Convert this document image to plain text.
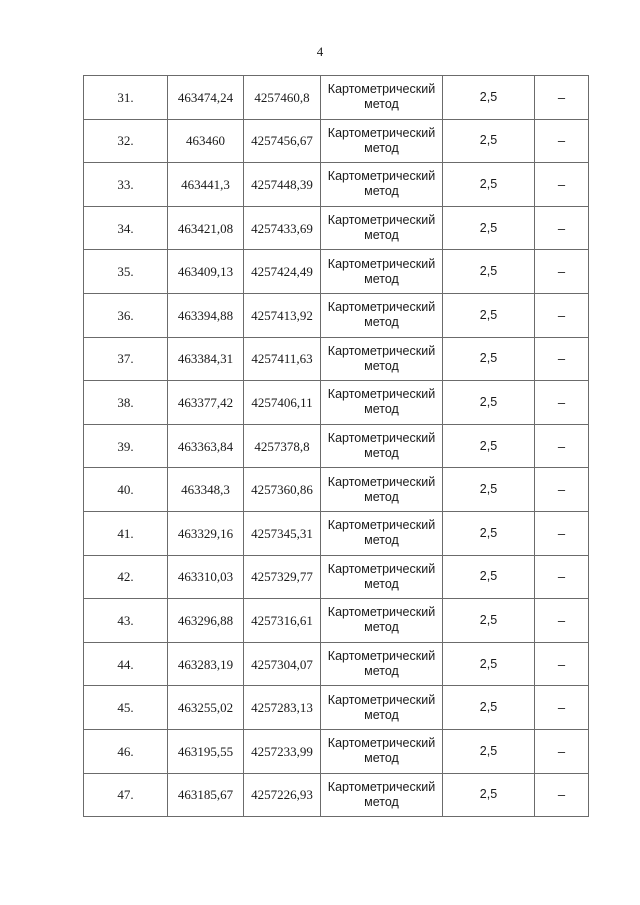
4
31.	463474,24	4257460,8	Картометрический
метод	2,5	–
32.	463460	4257456,67	Картометрический
метод	2,5	–
33.	463441,3	4257448,39	Картометрический
метод	2,5	–
34.	463421,08	4257433,69	Картометрический
метод	2,5	–
35.	463409,13	4257424,49	Картометрический
метод	2,5	–
36.	463394,88	4257413,92	Картометрический
метод	2,5	–
37.	463384,31	4257411,63	Картометрический
метод	2,5	–
38.	463377,42	4257406,11	Картометрический
метод	2,5	–
39.	463363,84	4257378,8	Картометрический
метод	2,5	–
40.	463348,3	4257360,86	Картометрический
метод	2,5	–
41.	463329,16	4257345,31	Картометрический
метод	2,5	–
42.	463310,03	4257329,77	Картометрический
метод	2,5	–
43.	463296,88	4257316,61	Картометрический
метод	2,5	–
44.	463283,19	4257304,07	Картометрический
метод	2,5	–
45.	463255,02	4257283,13	Картометрический
метод	2,5	–
46.	463195,55	4257233,99	Картометрический
метод	2,5	–
47.	463185,67	4257226,93	Картометрический
метод	2,5	–
